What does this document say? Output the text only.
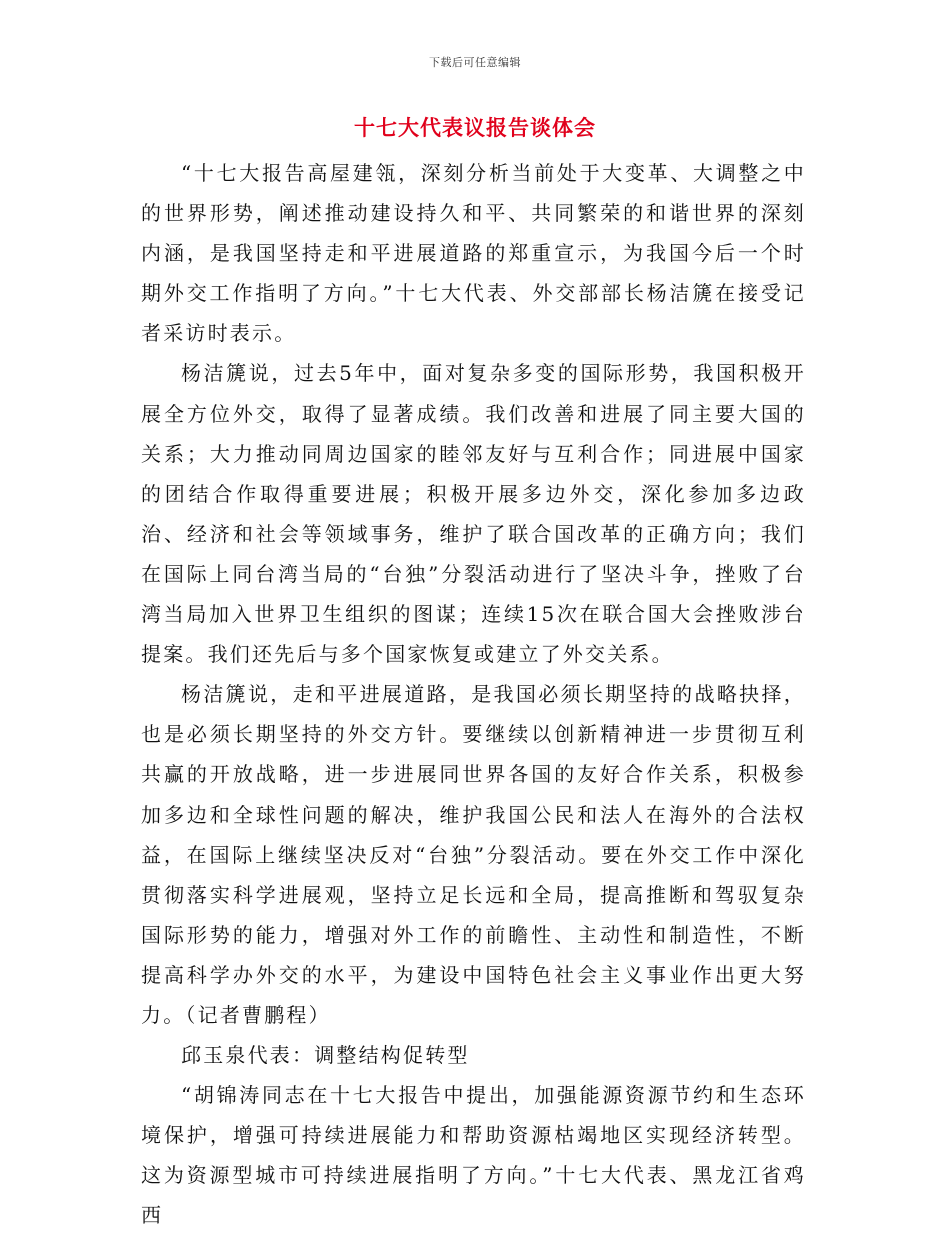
下载后可任意编辑
十七大代表议报告谈体会

“十七大报告高屋建瓴，深刻分析当前处于大变革、大调整之中的世界形势，阐述推动建设持久和平、共同繁荣的和谐世界的深刻内涵，是我国坚持走和平进展道路的郑重宣示，为我国今后一个时期外交工作指明了方向。”十七大代表、外交部部长杨洁篪在接受记者采访时表示。

杨洁篪说，过去5年中，面对复杂多变的国际形势，我国积极开展全方位外交，取得了显著成绩。我们改善和进展了同主要大国的关系；大力推动同周边国家的睦邻友好与互利合作；同进展中国家的团结合作取得重要进展；积极开展多边外交，深化参加多边政治、经济和社会等领域事务，维护了联合国改革的正确方向；我们在国际上同台湾当局的“台独”分裂活动进行了坚决斗争，挫败了台湾当局加入世界卫生组织的图谋；连续15次在联合国大会挫败涉台提案。我们还先后与多个国家恢复或建立了外交关系。

杨洁篪说，走和平进展道路，是我国必须长期坚持的战略抉择，也是必须长期坚持的外交方针。要继续以创新精神进一步贯彻互利共赢的开放战略，进一步进展同世界各国的友好合作关系，积极参加多边和全球性问题的解决，维护我国公民和法人在海外的合法权益，在国际上继续坚决反对“台独”分裂活动。要在外交工作中深化贯彻落实科学进展观，坚持立足长远和全局，提高推断和驾驭复杂国际形势的能力，增强对外工作的前瞻性、主动性和制造性，不断提高科学办外交的水平，为建设中国特色社会主义事业作出更大努力。（记者曹鹏程）

邱玉泉代表：调整结构促转型

“胡锦涛同志在十七大报告中提出，加强能源资源节约和生态环境保护，增强可持续进展能力和帮助资源枯竭地区实现经济转型。这为资源型城市可持续进展指明了方向。”十七大代表、黑龙江省鸡西
